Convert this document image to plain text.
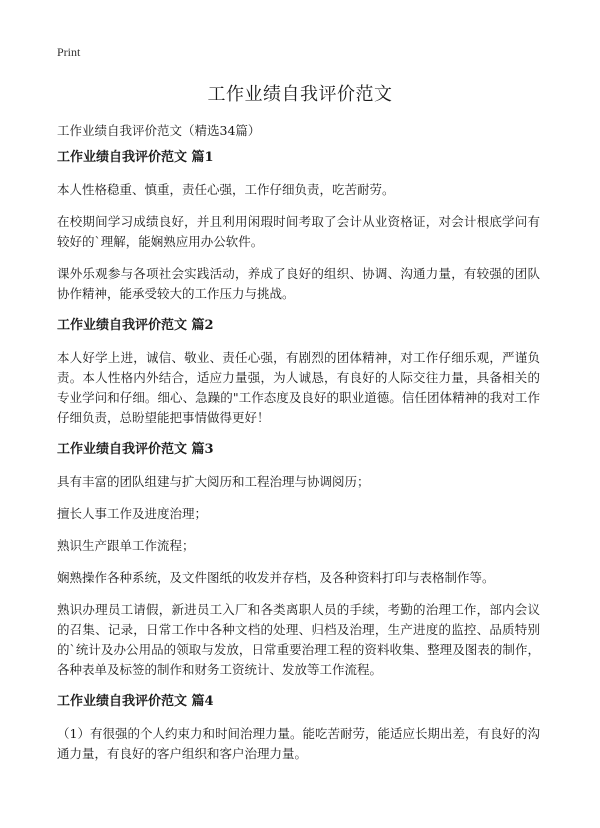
Print
工作业绩自我评价范文

工作业绩自我评价范文（精选34篇）

工作业绩自我评价范文 篇1

本人性格稳重、慎重，责任心强，工作仔细负责，吃苦耐劳。

在校期间学习成绩良好，并且利用闲瑕时间考取了会计从业资格证，对会计根底学问有较好的`理解，能娴熟应用办公软件。

课外乐观参与各项社会实践活动，养成了良好的组织、协调、沟通力量，有较强的团队协作精神，能承受较大的工作压力与挑战。

工作业绩自我评价范文 篇2

本人好学上进，诚信、敬业、责任心强，有剧烈的团体精神，对工作仔细乐观，严谨负责。本人性格内外结合，适应力量强，为人诚恳，有良好的人际交往力量，具备相关的专业学问和仔细。细心、急躁的"工作态度及良好的职业道德。信任团体精神的我对工作仔细负责，总盼望能把事情做得更好！

工作业绩自我评价范文 篇3

具有丰富的团队组建与扩大阅历和工程治理与协调阅历；

擅长人事工作及进度治理；

熟识生产跟单工作流程；

娴熟操作各种系统，及文件图纸的收发并存档，及各种资料打印与表格制作等。

熟识办理员工请假，新进员工入厂和各类离职人员的手续，考勤的治理工作，部内会议的召集、记录，日常工作中各种文档的处理、归档及治理，生产进度的监控、品质特别的`统计及办公用品的领取与发放，日常重要治理工程的资料收集、整理及图表的制作，各种表单及标签的制作和财务工资统计、发放等工作流程。

工作业绩自我评价范文 篇4

（1）有很强的个人约束力和时间治理力量。能吃苦耐劳，能适应长期出差，有良好的沟通力量，有良好的客户组织和客户治理力量。
